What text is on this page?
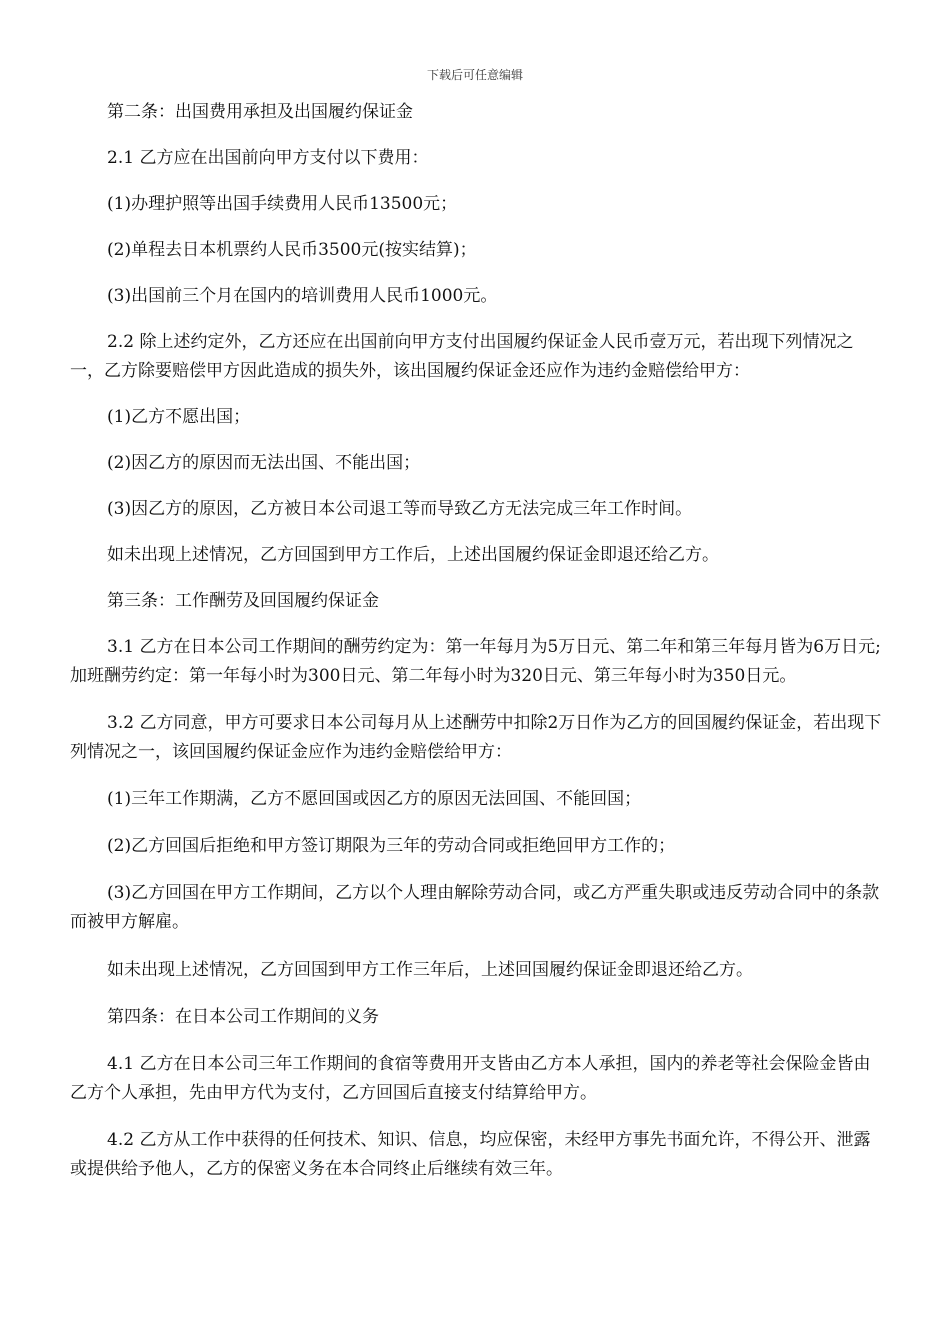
下载后可任意编辑

第二条：出国费用承担及出国履约保证金

2.1 乙方应在出国前向甲方支付以下费用：

(1)办理护照等出国手续费用人民币13500元；

(2)单程去日本机票约人民币3500元(按实结算)；

(3)出国前三个月在国内的培训费用人民币1000元。

2.2 除上述约定外，乙方还应在出国前向甲方支付出国履约保证金人民币壹万元，若出现下列情况之一，乙方除要赔偿甲方因此造成的损失外，该出国履约保证金还应作为违约金赔偿给甲方：

(1)乙方不愿出国；

(2)因乙方的原因而无法出国、不能出国；

(3)因乙方的原因，乙方被日本公司退工等而导致乙方无法完成三年工作时间。

如未出现上述情况，乙方回国到甲方工作后，上述出国履约保证金即退还给乙方。

第三条：工作酬劳及回国履约保证金

3.1 乙方在日本公司工作期间的酬劳约定为：第一年每月为5万日元、第二年和第三年每月皆为6万日元;加班酬劳约定：第一年每小时为300日元、第二年每小时为320日元、第三年每小时为350日元。

3.2 乙方同意，甲方可要求日本公司每月从上述酬劳中扣除2万日作为乙方的回国履约保证金，若出现下列情况之一，该回国履约保证金应作为违约金赔偿给甲方：

(1)三年工作期满，乙方不愿回国或因乙方的原因无法回国、不能回国；

(2)乙方回国后拒绝和甲方签订期限为三年的劳动合同或拒绝回甲方工作的；

(3)乙方回国在甲方工作期间，乙方以个人理由解除劳动合同，或乙方严重失职或违反劳动合同中的条款而被甲方解雇。

如未出现上述情况，乙方回国到甲方工作三年后，上述回国履约保证金即退还给乙方。

第四条：在日本公司工作期间的义务

4.1 乙方在日本公司三年工作期间的食宿等费用开支皆由乙方本人承担，国内的养老等社会保险金皆由乙方个人承担，先由甲方代为支付，乙方回国后直接支付结算给甲方。

4.2 乙方从工作中获得的任何技术、知识、信息，均应保密，未经甲方事先书面允许，不得公开、泄露或提供给予他人，乙方的保密义务在本合同终止后继续有效三年。
